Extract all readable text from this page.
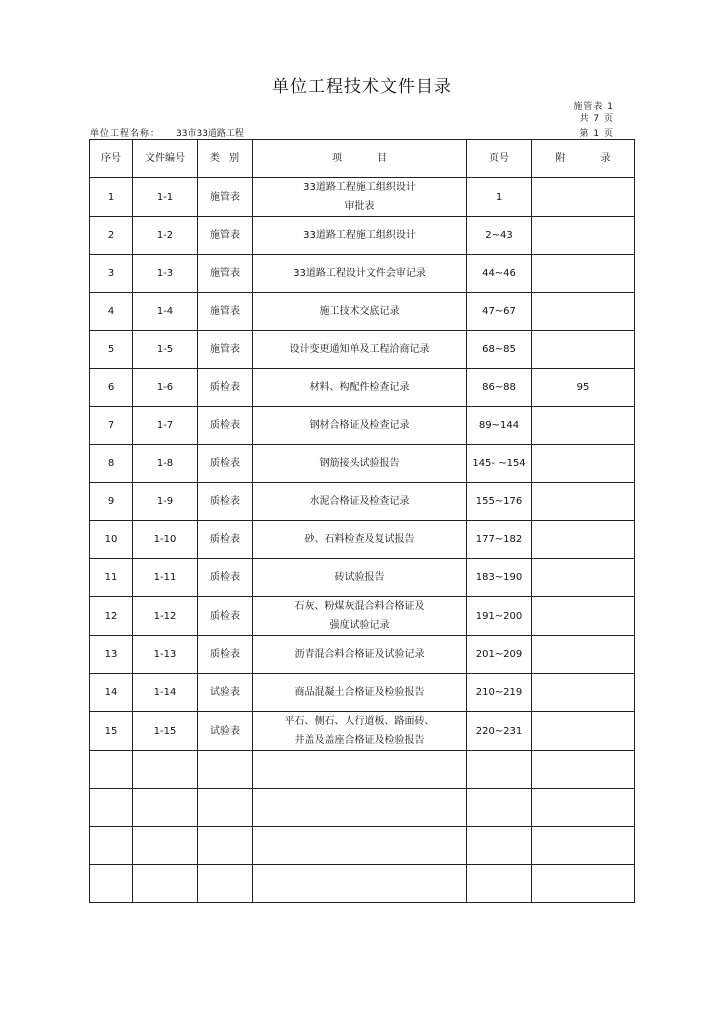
单位工程技术文件目录
施管表 1
共 7 页
第 1 页
单位工程名称： 33市33道路工程
序号	文件编号	类  别	项           目	页号	附           录
1	1-1	施管表	33道路工程施工组织设计
审批表	1	
2	1-2	施管表	33道路工程施工组织设计	2~43	
3	1-3	施管表	33道路工程设计文件会审记录	44~46	
4	1-4	施管表	施工技术交底记录	47~67	
5	1-5	施管表	设计变更通知单及工程洽商记录	68~85	
6	1-6	质检表	材料、构配件检查记录	86~88	95
7	1-7	质检表	钢材合格证及检查记录	89~144	
8	1-8	质检表	钢筋接头试验报告	145- ~154	
9	1-9	质检表	水泥合格证及检查记录	155~176	
10	1-10	质检表	砂、石料检查及复试报告	177~182	
11	1-11	质检表	砖试验报告	183~190	
12	1-12	质检表	石灰、粉煤灰混合料合格证及
强度试验记录	191~200	
13	1-13	质检表	沥青混合料合格证及试验记录	201~209	
14	1-14	试验表	商品混凝土合格证及检验报告	210~219	
15	1-15	试验表	平石、侧石、人行道板、路面砖、
井盖及盖座合格证及检验报告	220~231	
